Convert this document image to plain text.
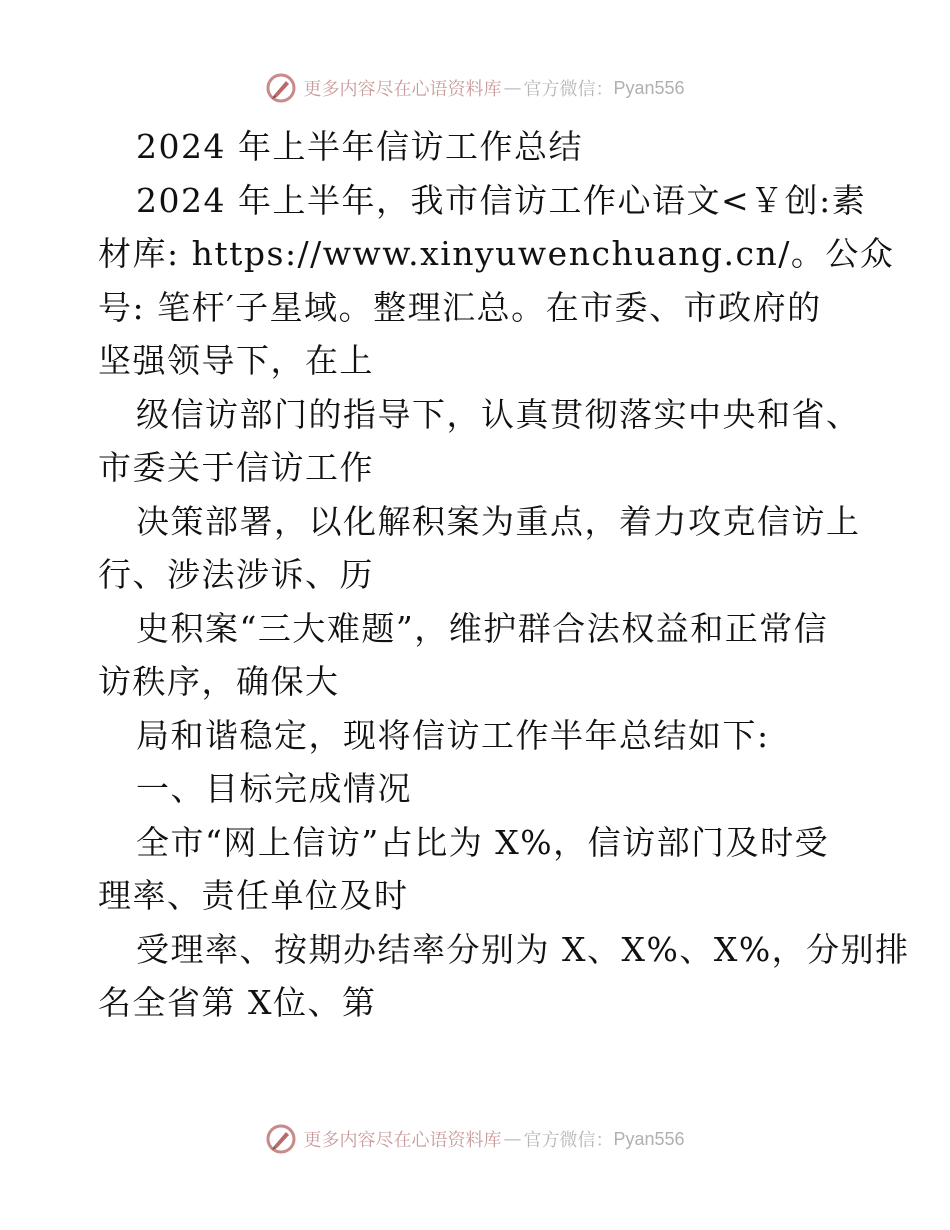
更多内容尽在心语资料库 — 官方微信： Pyan556
2024 年上半年信访工作总结
2024 年上半年，我市信访工作心语文<￥创:素
材库: https://www.xinyuwenchuang.cn/。公众
号: 笔杆′子星域。整理汇总。在市委、市政府的
坚强领导下，在上
级信访部门的指导下，认真贯彻落实中央和省、
市委关于信访工作
决策部署，以化解积案为重点，着力攻克信访上
行、涉法涉诉、历
史积案“三大难题”，维护群合法权益和正常信
访秩序，确保大
局和谐稳定，现将信访工作半年总结如下:
一、目标完成情况
全市“网上信访”占比为 X%，信访部门及时受
理率、责任单位及时
受理率、按期办结率分别为 X、X%、X%，分别排
名全省第 X位、第
更多内容尽在心语资料库 — 官方微信： Pyan556
